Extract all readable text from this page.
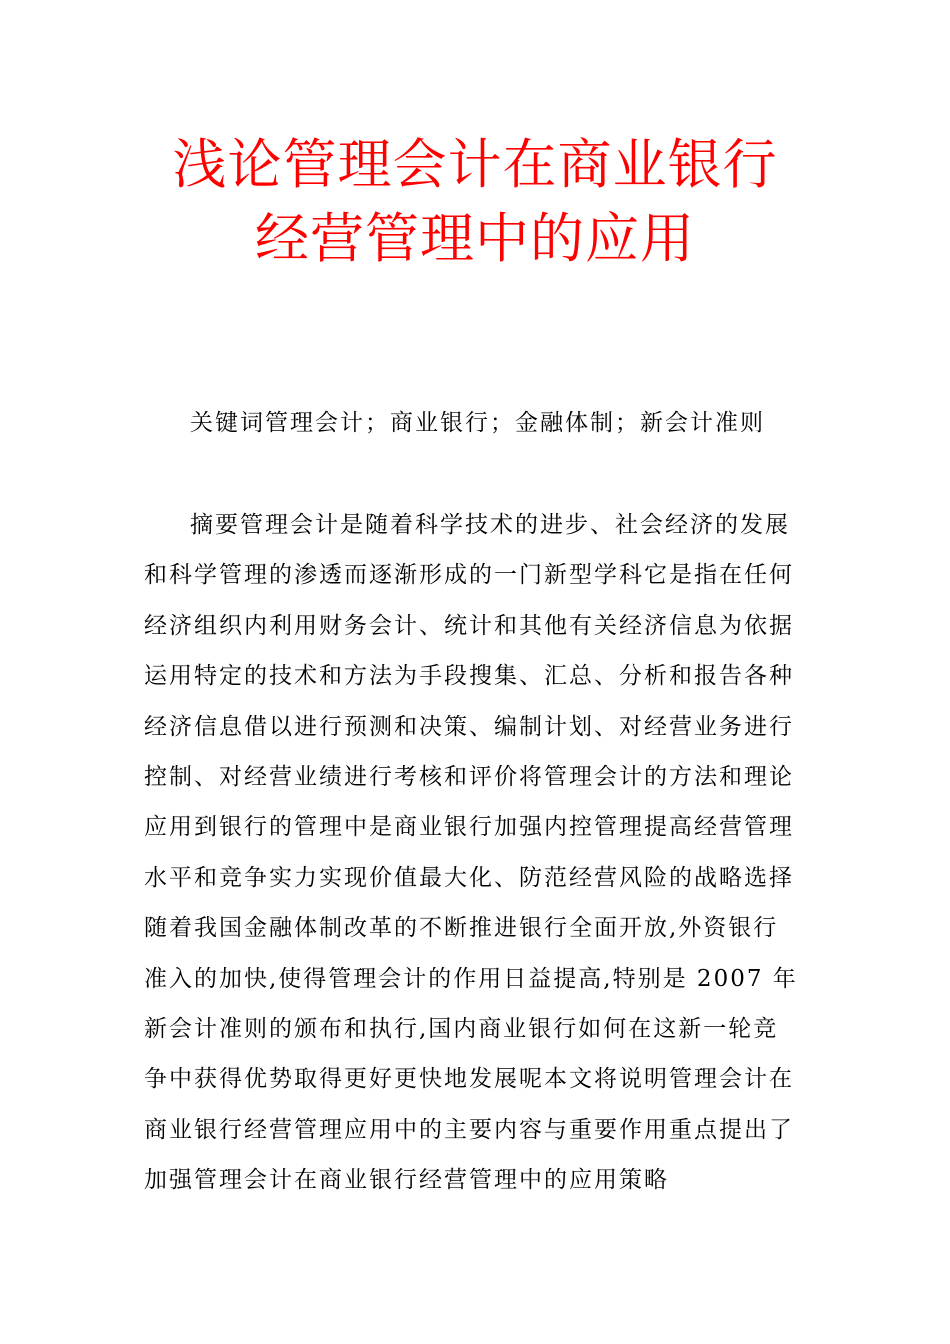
浅论管理会计在商业银行
经营管理中的应用
关键词管理会计；商业银行；金融体制；新会计准则
摘要管理会计是随着科学技术的进步、社会经济的发展
和科学管理的渗透而逐渐形成的一门新型学科它是指在任何
经济组织内利用财务会计、统计和其他有关经济信息为依据
运用特定的技术和方法为手段搜集、汇总、分析和报告各种
经济信息借以进行预测和决策、编制计划、对经营业务进行
控制、对经营业绩进行考核和评价将管理会计的方法和理论
应用到银行的管理中是商业银行加强内控管理提高经营管理
水平和竞争实力实现价值最大化、防范经营风险的战略选择
随着我国金融体制改革的不断推进银行全面开放,外资银行
准入的加快,使得管理会计的作用日益提高,特别是 2007 年
新会计准则的颁布和执行,国内商业银行如何在这新一轮竞
争中获得优势取得更好更快地发展呢本文将说明管理会计在
商业银行经营管理应用中的主要内容与重要作用重点提出了
加强管理会计在商业银行经营管理中的应用策略
